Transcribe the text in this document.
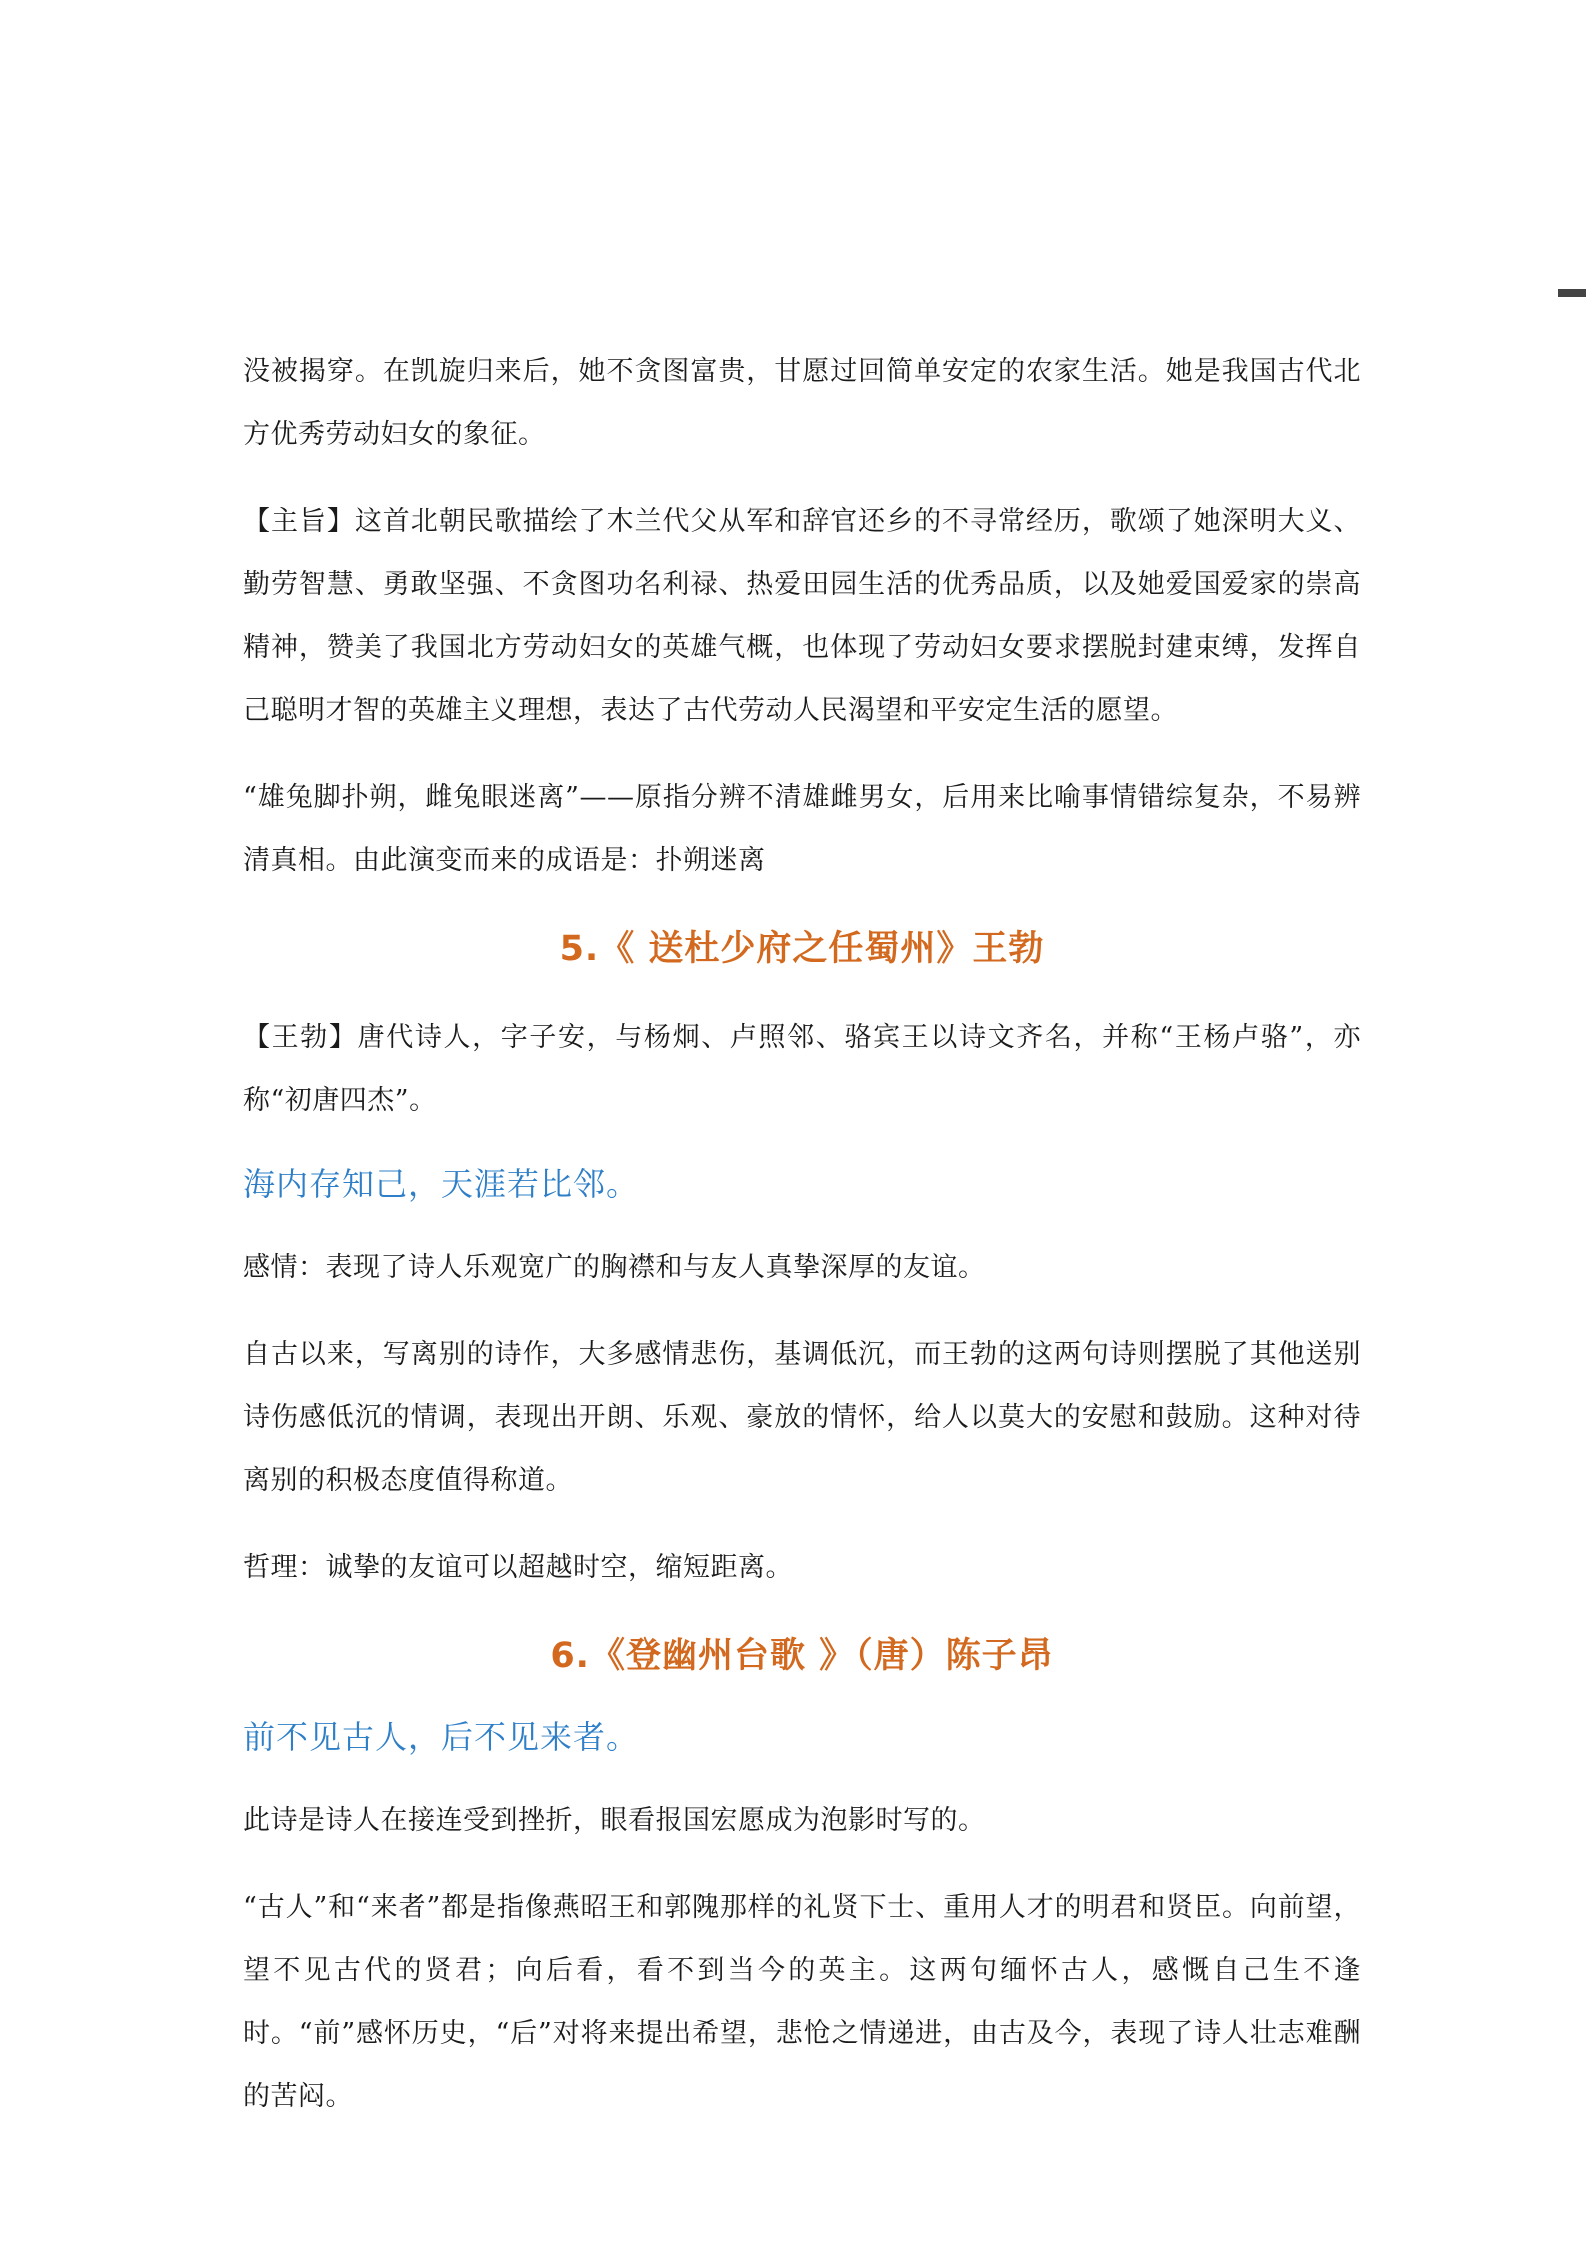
没被揭穿。在凯旋归来后，她不贪图富贵，甘愿过回简单安定的农家生活。她是我国古代北方优秀劳动妇女的象征。

【主旨】这首北朝民歌描绘了木兰代父从军和辞官还乡的不寻常经历，歌颂了她深明大义、勤劳智慧、勇敢坚强、不贪图功名利禄、热爱田园生活的优秀品质，以及她爱国爱家的崇高精神，赞美了我国北方劳动妇女的英雄气概，也体现了劳动妇女要求摆脱封建束缚，发挥自己聪明才智的英雄主义理想，表达了古代劳动人民渴望和平安定生活的愿望。

“雄兔脚扑朔，雌兔眼迷离”——原指分辨不清雄雌男女，后用来比喻事情错综复杂，不易辨清真相。由此演变而来的成语是：扑朔迷离

5.《 送杜少府之任蜀州》王勃

【王勃】唐代诗人，字子安，与杨炯、卢照邻、骆宾王以诗文齐名，并称“王杨卢骆”，亦称“初唐四杰”。

海内存知己，天涯若比邻。

感情：表现了诗人乐观宽广的胸襟和与友人真挚深厚的友谊。

自古以来，写离别的诗作，大多感情悲伤，基调低沉，而王勃的这两句诗则摆脱了其他送别诗伤感低沉的情调，表现出开朗、乐观、豪放的情怀，给人以莫大的安慰和鼓励。这种对待离别的积极态度值得称道。

哲理：诚挚的友谊可以超越时空，缩短距离。

6.《登幽州台歌 》（唐）陈子昂

前不见古人，后不见来者。

此诗是诗人在接连受到挫折，眼看报国宏愿成为泡影时写的。

“古人”和“来者”都是指像燕昭王和郭隗那样的礼贤下士、重用人才的明君和贤臣。向前望，望不见古代的贤君；向后看，看不到当今的英主。这两句缅怀古人，感慨自己生不逢时。“前”感怀历史，“后”对将来提出希望，悲怆之情递进，由古及今，表现了诗人壮志难酬的苦闷。
